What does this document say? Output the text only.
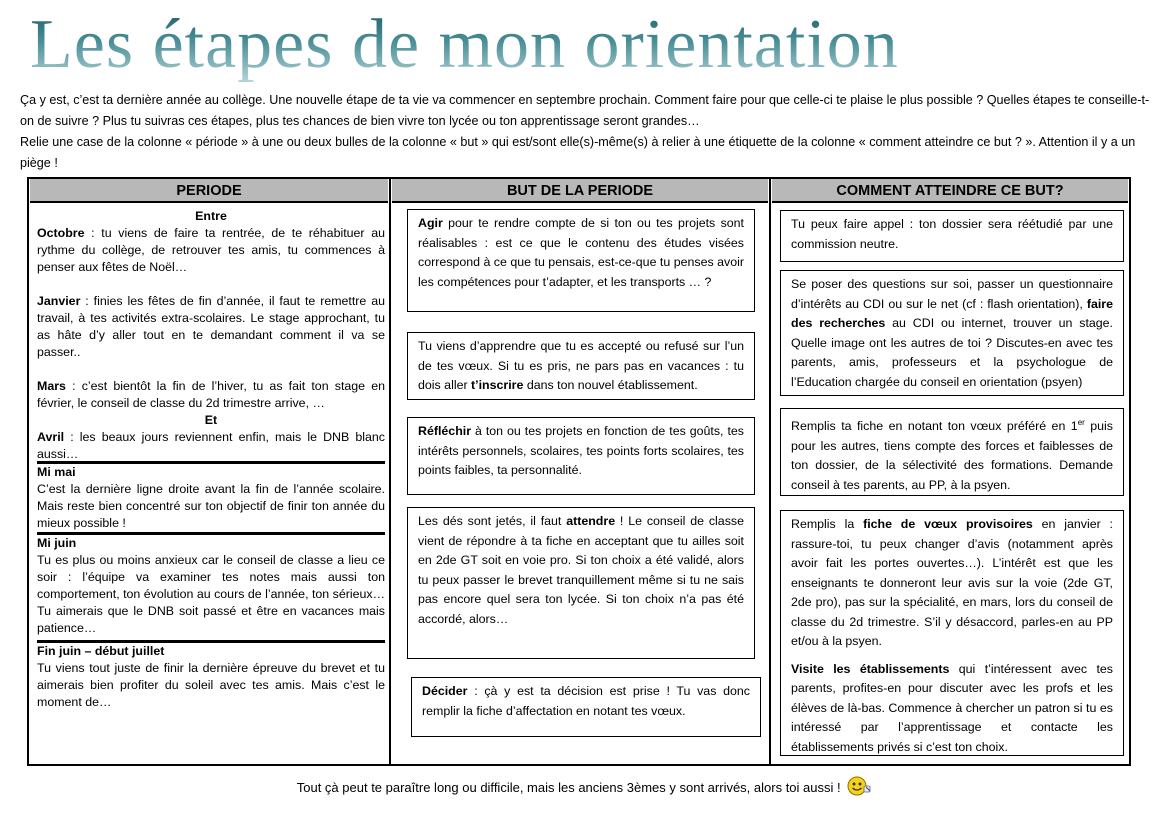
Les étapes de mon orientation

Ça y est, c’est ta dernière année au collège. Une nouvelle étape de ta vie va commencer en septembre prochain. Comment faire pour que celle-ci te plaise le plus possible ? Quelles étapes te conseille-t-on de suivre ? Plus tu suivras ces étapes, plus tes chances de bien vivre ton lycée ou ton apprentissage seront grandes…

Relie une case de la colonne « période » à une ou deux bulles de la colonne « but » qui est/sont elle(s)-même(s) à relier à une étiquette de la colonne « comment atteindre ce but ? ». Attention il y a un piège !

PERIODE

Entre

Octobre : tu viens de faire ta rentrée, de te réhabituer au rythme du collège, de retrouver tes amis, tu commences à penser aux fêtes de Noël…

Janvier : finies les fêtes de fin d’année, il faut te remettre au travail, à tes activités extra-scolaires. Le stage approchant, tu as hâte d’y aller tout en te demandant comment il va se passer..

Mars : c’est bientôt la fin de l’hiver, tu as fait ton stage en février, le conseil de classe du 2d trimestre arrive, …

Et

Avril : les beaux jours reviennent enfin, mais le DNB blanc aussi…

Mi mai

C’est la dernière ligne droite avant la fin de l’année scolaire. Mais reste bien concentré sur ton objectif de finir ton année du mieux possible !

Mi juin

Tu es plus ou moins anxieux car le conseil de classe a lieu ce soir : l’équipe va examiner tes notes mais aussi ton comportement, ton évolution au cours de l’année, ton sérieux… Tu aimerais que le DNB soit passé et être en vacances mais patience…

Fin juin – début juillet

Tu viens tout juste de finir la dernière épreuve du brevet et tu aimerais bien profiter du soleil avec tes amis. Mais c’est le moment de…

BUT DE LA PERIODE

Agir pour te rendre compte de si ton ou tes projets sont réalisables : est ce que le contenu des études visées correspond à ce que tu pensais, est-ce-que tu penses avoir les compétences pour t’adapter, et les transports … ?

Tu viens d’apprendre que tu es accepté ou refusé sur l’un de tes vœux. Si tu es pris, ne pars pas en vacances : tu dois aller t’inscrire dans ton nouvel établissement.

Réfléchir à ton ou tes projets en fonction de tes goûts, tes intérêts personnels, scolaires, tes points forts scolaires, tes points faibles, ta personnalité.

Les dés sont jetés, il faut attendre ! Le conseil de classe vient de répondre à ta fiche en acceptant que tu ailles soit en 2de GT soit en voie pro. Si ton choix a été validé, alors tu peux passer le brevet tranquillement même si tu ne sais pas encore quel sera ton lycée. Si ton choix n’a pas été accordé, alors…

Décider : çà y est ta décision est prise ! Tu vas donc remplir la fiche d’affectation en notant tes vœux.

COMMENT ATTEINDRE CE BUT?

Tu peux faire appel : ton dossier sera réétudié par une commission neutre.

Se poser des questions sur soi, passer un questionnaire d’intérêts au CDI ou sur le net (cf : flash orientation), faire des recherches au CDI ou internet, trouver un stage. Quelle image ont les autres de toi ? Discutes-en avec tes parents, amis, professeurs et la psychologue de l’Education chargée du conseil en orientation (psyen)

Remplis ta fiche en notant ton vœux préféré en 1er puis pour les autres, tiens compte des forces et faiblesses de ton dossier, de la sélectivité des formations. Demande conseil à tes parents, au PP, à la psyen.

Remplis la fiche de vœux provisoires en janvier : rassure-toi, tu peux changer d’avis (notamment après avoir fait les portes ouvertes…). L’intérêt est que les enseignants te donneront leur avis sur la voie (2de GT, 2de pro), pas sur la spécialité, en mars, lors du conseil de classe du 2d trimestre. S’il y désaccord, parles-en au PP et/ou à la psyen.

Visite les établissements qui t’intéressent avec tes parents, profites-en pour discuter avec les profs et les élèves de là-bas. Commence à chercher un patron si tu es intéressé par l’apprentissage et contacte les établissements privés si c’est ton choix.

Tout çà peut te paraître long ou difficile, mais les anciens 3èmes y sont arrivés, alors toi aussi !
